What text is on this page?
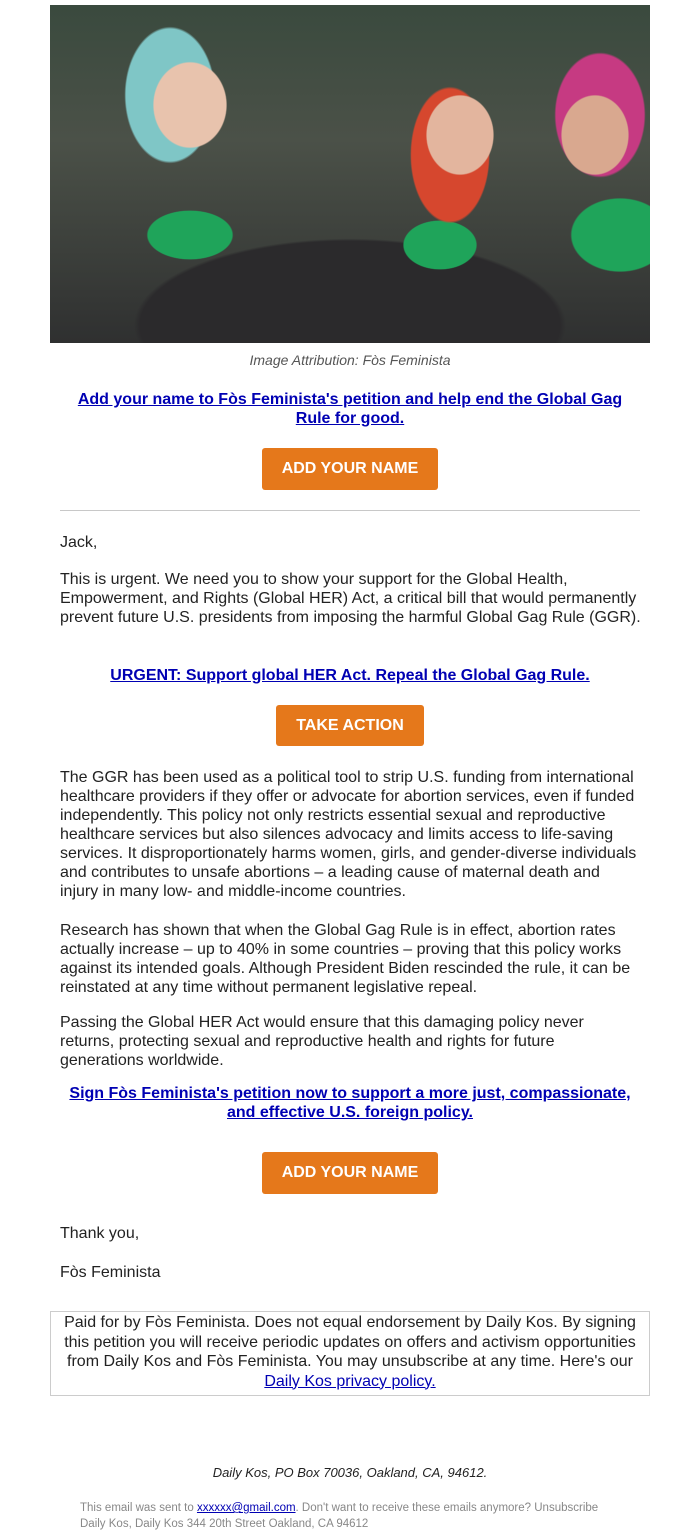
Image Attribution: Fòs Feminista
Add your name to Fòs Feminista's petition and help end the Global Gag Rule for good.
ADD YOUR NAME
Jack,
This is urgent. We need you to show your support for the Global Health, Empowerment, and Rights (Global HER) Act, a critical bill that would permanently prevent future U.S. presidents from imposing the harmful Global Gag Rule (GGR).
URGENT: Support global HER Act. Repeal the Global Gag Rule.
TAKE ACTION
The GGR has been used as a political tool to strip U.S. funding from international healthcare providers if they offer or advocate for abortion services, even if funded independently. This policy not only restricts essential sexual and reproductive healthcare services but also silences advocacy and limits access to life-saving services. It disproportionately harms women, girls, and gender-diverse individuals and contributes to unsafe abortions – a leading cause of maternal death and injury in many low- and middle-income countries.
Research has shown that when the Global Gag Rule is in effect, abortion rates actually increase – up to 40% in some countries – proving that this policy works against its intended goals. Although President Biden rescinded the rule, it can be reinstated at any time without permanent legislative repeal.
Passing the Global HER Act would ensure that this damaging policy never returns, protecting sexual and reproductive health and rights for future generations worldwide.
Sign Fòs Feminista's petition now to support a more just, compassionate, and effective U.S. foreign policy.
ADD YOUR NAME
Thank you,
Fòs Feminista
Paid for by Fòs Feminista. Does not equal endorsement by Daily Kos. By signing this petition you will receive periodic updates on offers and activism opportunities from Daily Kos and Fòs Feminista. You may unsubscribe at any time. Here's our Daily Kos privacy policy.
Daily Kos, PO Box 70036, Oakland, CA, 94612.
This email was sent to xxxxxx@gmail.com. Don't want to receive these emails anymore? Unsubscribe
Daily Kos, Daily Kos 344 20th Street Oakland, CA 94612
